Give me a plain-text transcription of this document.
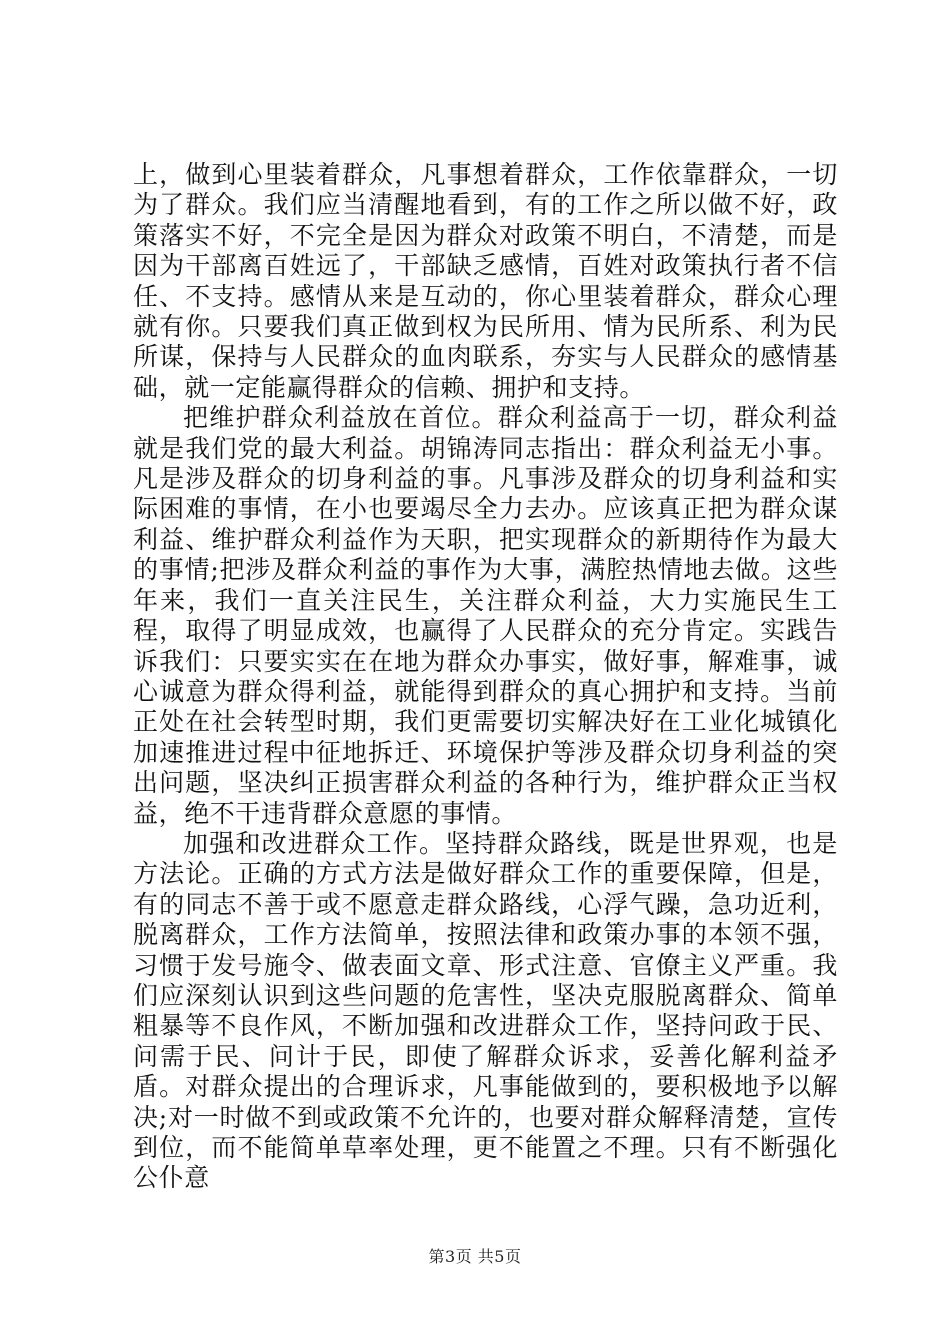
上，做到心里装着群众，凡事想着群众，工作依靠群众，一切为了群众。我们应当清醒地看到，有的工作之所以做不好，政策落实不好，不完全是因为群众对政策不明白，不清楚，而是因为干部离百姓远了，干部缺乏感情，百姓对政策执行者不信任、不支持。感情从来是互动的，你心里装着群众，群众心理就有你。只要我们真正做到权为民所用、情为民所系、利为民所谋，保持与人民群众的血肉联系，夯实与人民群众的感情基础，就一定能赢得群众的信赖、拥护和支持。

把维护群众利益放在首位。群众利益高于一切，群众利益就是我们党的最大利益。胡锦涛同志指出：群众利益无小事。凡是涉及群众的切身利益的事。凡事涉及群众的切身利益和实际困难的事情，在小也要竭尽全力去办。应该真正把为群众谋利益、维护群众利益作为天职，把实现群众的新期待作为最大的事情;把涉及群众利益的事作为大事，满腔热情地去做。这些年来，我们一直关注民生，关注群众利益，大力实施民生工程，取得了明显成效，也赢得了人民群众的充分肯定。实践告诉我们：只要实实在在地为群众办事实，做好事，解难事，诚心诚意为群众得利益，就能得到群众的真心拥护和支持。当前正处在社会转型时期，我们更需要切实解决好在工业化城镇化加速推进过程中征地拆迁、环境保护等涉及群众切身利益的突出问题，坚决纠正损害群众利益的各种行为，维护群众正当权益，绝不干违背群众意愿的事情。

加强和改进群众工作。坚持群众路线，既是世界观，也是方法论。正确的方式方法是做好群众工作的重要保障，但是，有的同志不善于或不愿意走群众路线，心浮气躁，急功近利，脱离群众，工作方法简单，按照法律和政策办事的本领不强，习惯于发号施令、做表面文章、形式注意、官僚主义严重。我们应深刻认识到这些问题的危害性，坚决克服脱离群众、简单粗暴等不良作风，不断加强和改进群众工作，坚持问政于民、问需于民、问计于民，即使了解群众诉求，妥善化解利益矛盾。对群众提出的合理诉求，凡事能做到的，要积极地予以解决;对一时做不到或政策不允许的，也要对群众解释清楚，宣传到位，而不能简单草率处理，更不能置之不理。只有不断强化公仆意

第3页 共5页
